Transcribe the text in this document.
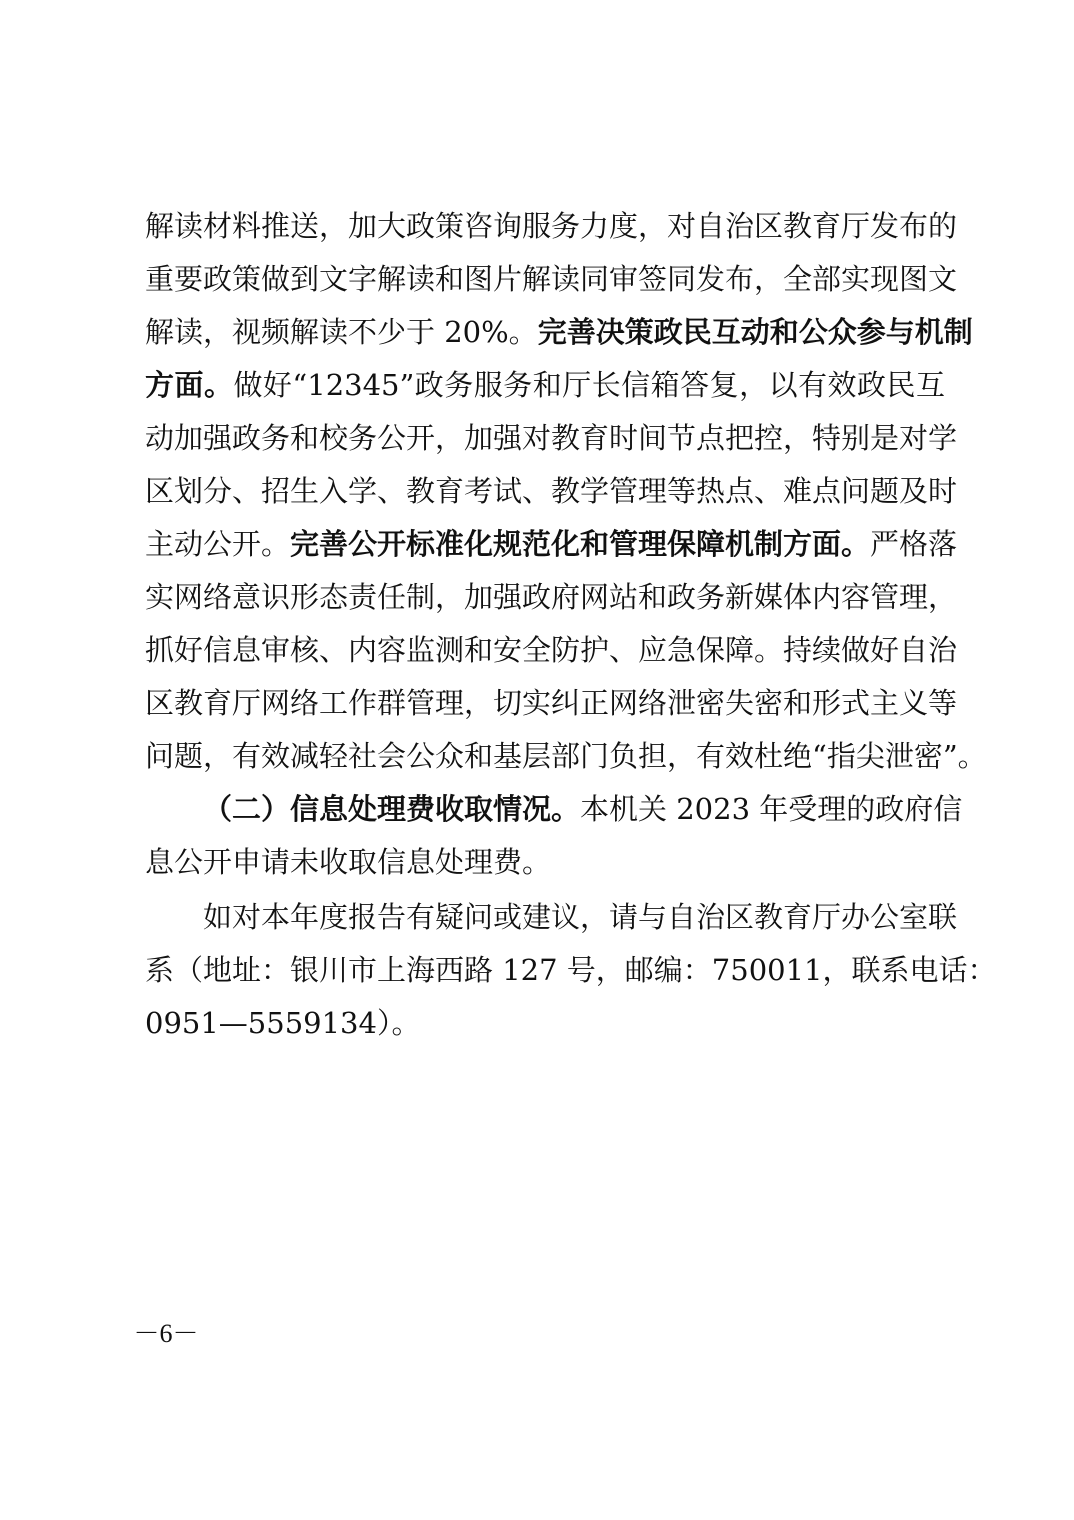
解读材料推送，加大政策咨询服务力度，对自治区教育厅发布的
重要政策做到文字解读和图片解读同审签同发布，全部实现图文
解读，视频解读不少于 20%。完善决策政民互动和公众参与机制
方面。做好“12345”政务服务和厅长信箱答复，以有效政民互
动加强政务和校务公开，加强对教育时间节点把控，特别是对学
区划分、招生入学、教育考试、教学管理等热点、难点问题及时
主动公开。完善公开标准化规范化和管理保障机制方面。严格落
实网络意识形态责任制，加强政府网站和政务新媒体内容管理，
抓好信息审核、内容监测和安全防护、应急保障。持续做好自治
区教育厅网络工作群管理，切实纠正网络泄密失密和形式主义等
问题，有效减轻社会公众和基层部门负担，有效杜绝“指尖泄密”。
（二）信息处理费收取情况。本机关 2023 年受理的政府信
息公开申请未收取信息处理费。
如对本年度报告有疑问或建议，请与自治区教育厅办公室联
系（地址：银川市上海西路 127 号，邮编：750011，联系电话：
0951—5559134）。
－6－
